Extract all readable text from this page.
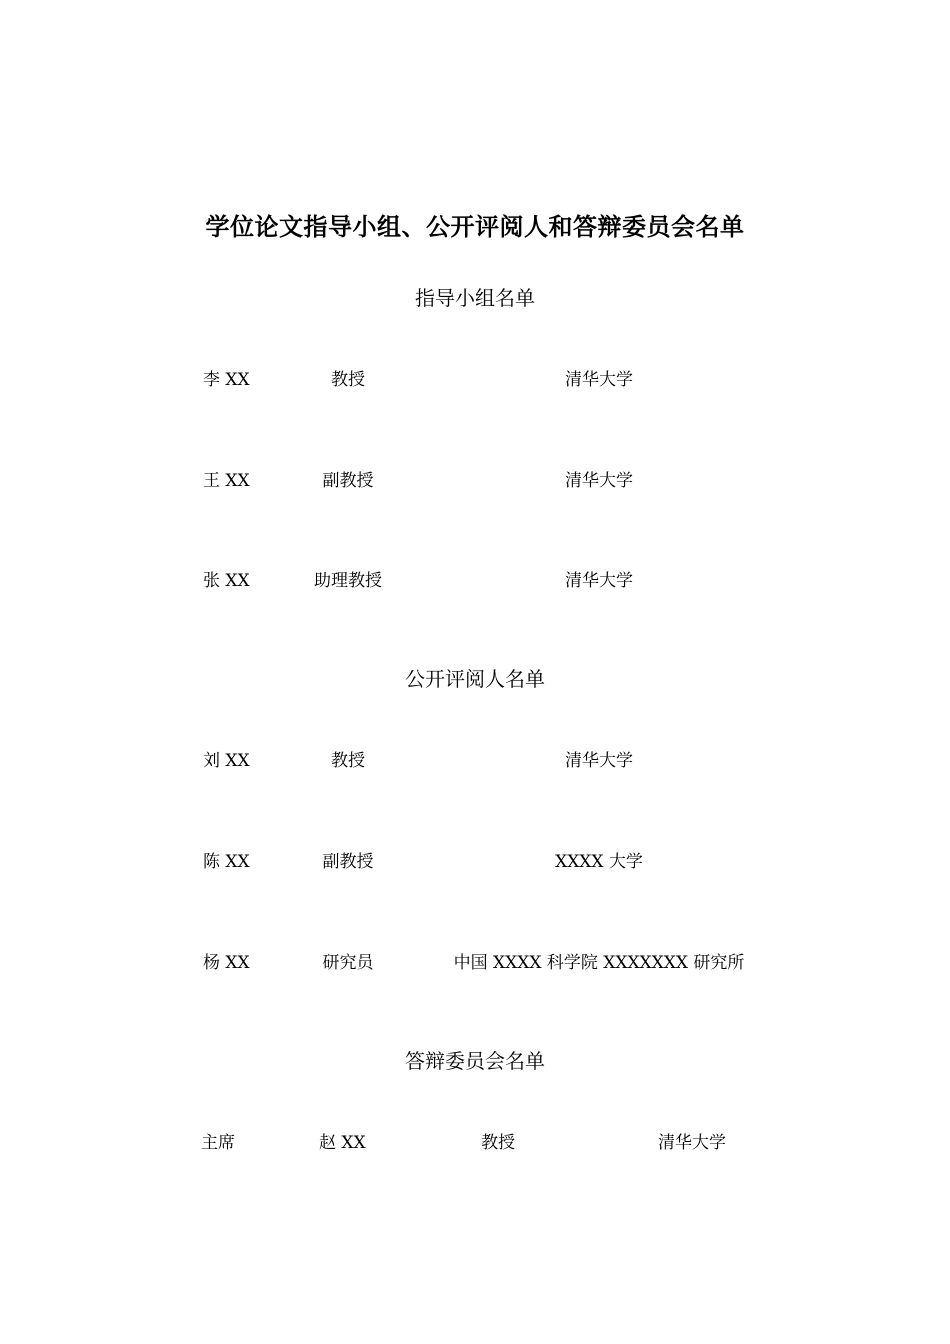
学位论文指导小组、公开评阅人和答辩委员会名单
指导小组名单
李 XX	教授	清华大学
王 XX	副教授	清华大学
张 XX	助理教授	清华大学
公开评阅人名单
刘 XX	教授	清华大学
陈 XX	副教授	XXXX 大学
杨 XX	研究员	中国 XXXX 科学院 XXXXXXX 研究所
答辩委员会名单
主席	赵 XX	教授	清华大学
